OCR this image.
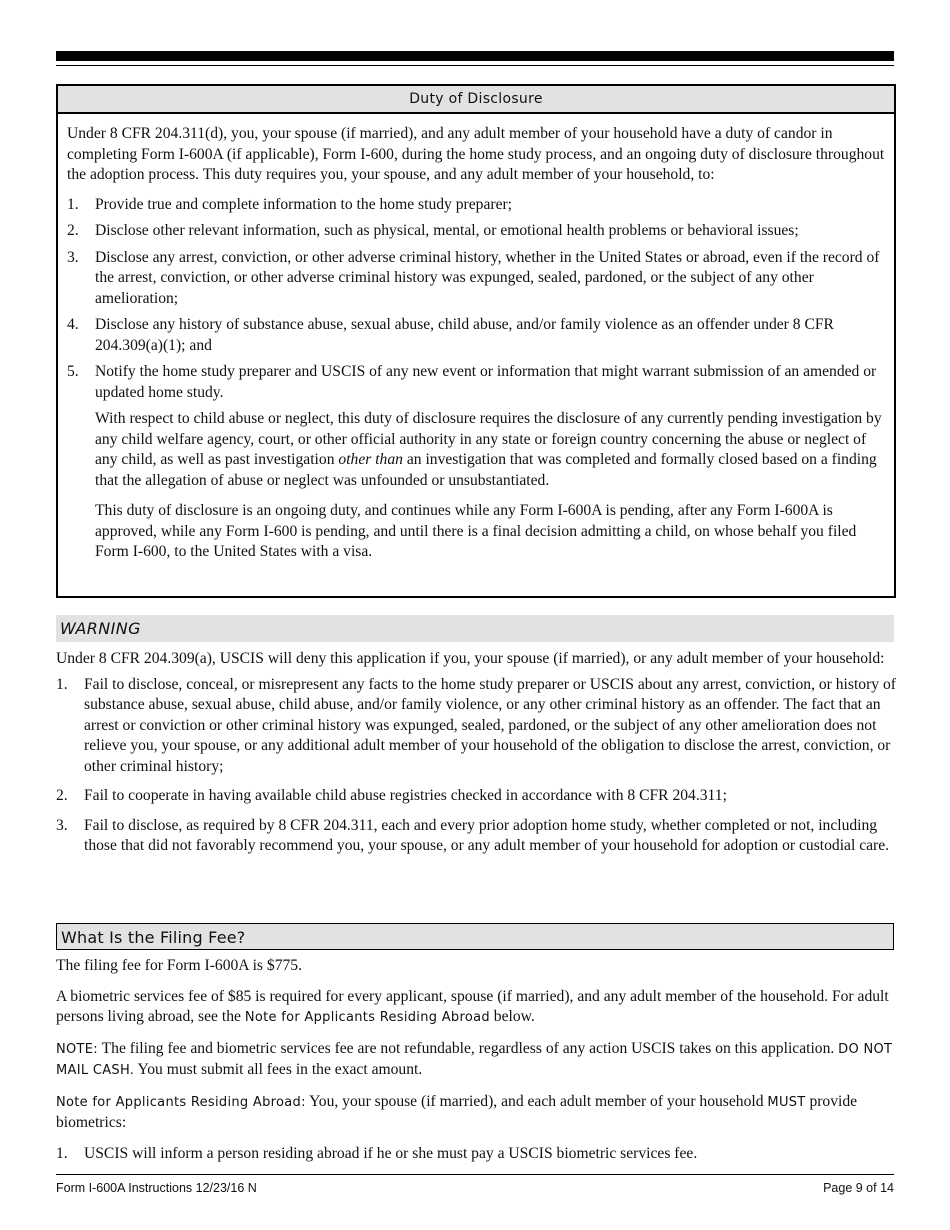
Duty of Disclosure

Under 8 CFR 204.311(d), you, your spouse (if married), and any adult member of your household have a duty of candor in completing Form I-600A (if applicable), Form I-600, during the home study process, and an ongoing duty of disclosure throughout the adoption process. This duty requires you, your spouse, and any adult member of your household, to:

1. Provide true and complete information to the home study preparer;
2. Disclose other relevant information, such as physical, mental, or emotional health problems or behavioral issues;
3. Disclose any arrest, conviction, or other adverse criminal history, whether in the United States or abroad, even if the record of the arrest, conviction, or other adverse criminal history was expunged, sealed, pardoned, or the subject of any other amelioration;
4. Disclose any history of substance abuse, sexual abuse, child abuse, and/or family violence as an offender under 8 CFR 204.309(a)(1); and
5. Notify the home study preparer and USCIS of any new event or information that might warrant submission of an amended or updated home study.

With respect to child abuse or neglect, this duty of disclosure requires the disclosure of any currently pending investigation by any child welfare agency, court, or other official authority in any state or foreign country concerning the abuse or neglect of any child, as well as past investigation other than an investigation that was completed and formally closed based on a finding that the allegation of abuse or neglect was unfounded or unsubstantiated.

This duty of disclosure is an ongoing duty, and continues while any Form I-600A is pending, after any Form I-600A is approved, while any Form I-600 is pending, and until there is a final decision admitting a child, on whose behalf you filed Form I-600, to the United States with a visa.

WARNING

Under 8 CFR 204.309(a), USCIS will deny this application if you, your spouse (if married), or any adult member of your household:

1. Fail to disclose, conceal, or misrepresent any facts to the home study preparer or USCIS about any arrest, conviction, or history of substance abuse, sexual abuse, child abuse, and/or family violence, or any other criminal history as an offender. The fact that an arrest or conviction or other criminal history was expunged, sealed, pardoned, or the subject of any other amelioration does not relieve you, your spouse, or any additional adult member of your household of the obligation to disclose the arrest, conviction, or other criminal history;
2. Fail to cooperate in having available child abuse registries checked in accordance with 8 CFR 204.311;
3. Fail to disclose, as required by 8 CFR 204.311, each and every prior adoption home study, whether completed or not, including those that did not favorably recommend you, your spouse, or any adult member of your household for adoption or custodial care.
What Is the Filing Fee?

The filing fee for Form I-600A is $775.

A biometric services fee of $85 is required for every applicant, spouse (if married), and any adult member of the household. For adult persons living abroad, see the Note for Applicants Residing Abroad below.

NOTE: The filing fee and biometric services fee are not refundable, regardless of any action USCIS takes on this application. DO NOT MAIL CASH. You must submit all fees in the exact amount.

Note for Applicants Residing Abroad: You, your spouse (if married), and each adult member of your household MUST provide biometrics:

1. USCIS will inform a person residing abroad if he or she must pay a USCIS biometric services fee.
Form I-600A Instructions 12/23/16 N	Page 9 of 14
